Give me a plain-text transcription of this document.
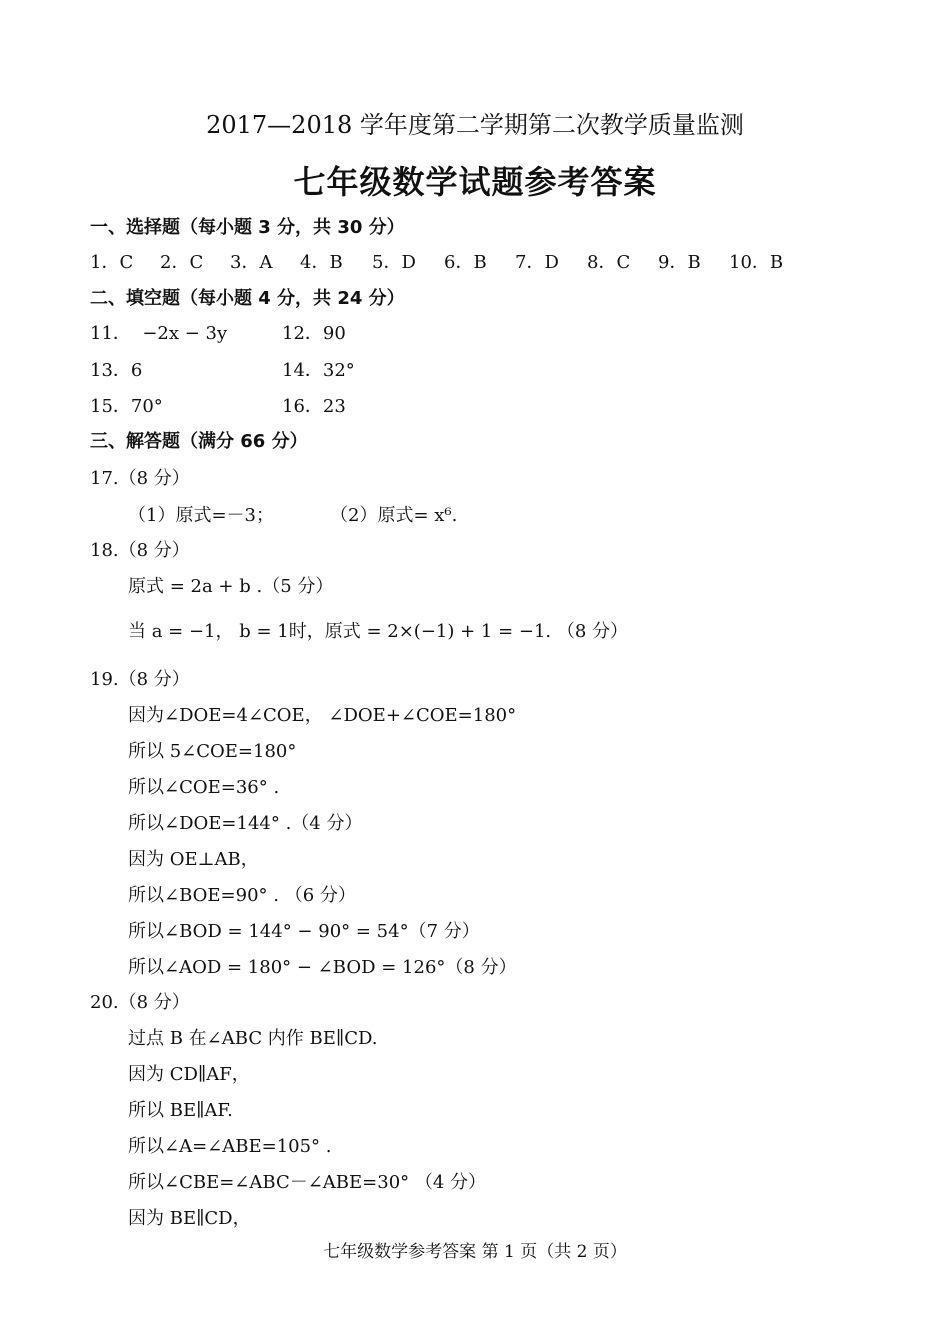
2017—2018 学年度第二学期第二次教学质量监测
七年级数学试题参考答案
一、选择题（每小题 3 分，共 30 分）
1．C 2．C 3．A 4．B 5．D 6．B 7．D 8．C 9．B 10．B
二、填空题（每小题 4 分，共 24 分）
11．  −2x − 3y	12．90
13．6	14．32°
15．70°	16．23
三、解答题（满分 66 分）
17.（8 分）
（1）原式=－3；	（2）原式= x⁶.
18.（8 分）
原式 = 2a + b .（5 分）
当 a = −1， b = 1时，原式 = 2×(−1) + 1 = −1. （8 分）
19.（8 分）
因为∠DOE=4∠COE， ∠DOE+∠COE=180°
所以 5∠COE=180°
所以∠COE=36° .
所以∠DOE=144° .（4 分）
因为 OE⊥AB，
所以∠BOE=90° . （6 分）
所以∠BOD = 144° − 90° = 54°（7 分）
所以∠AOD = 180° − ∠BOD = 126°（8 分）
20.（8 分）
过点 B 在∠ABC 内作 BE∥CD.
因为 CD∥AF，
所以 BE∥AF.
所以∠A=∠ABE=105° .
所以∠CBE=∠ABC－∠ABE=30° （4 分）
因为 BE∥CD，
七年级数学参考答案 第 1 页（共 2 页）
